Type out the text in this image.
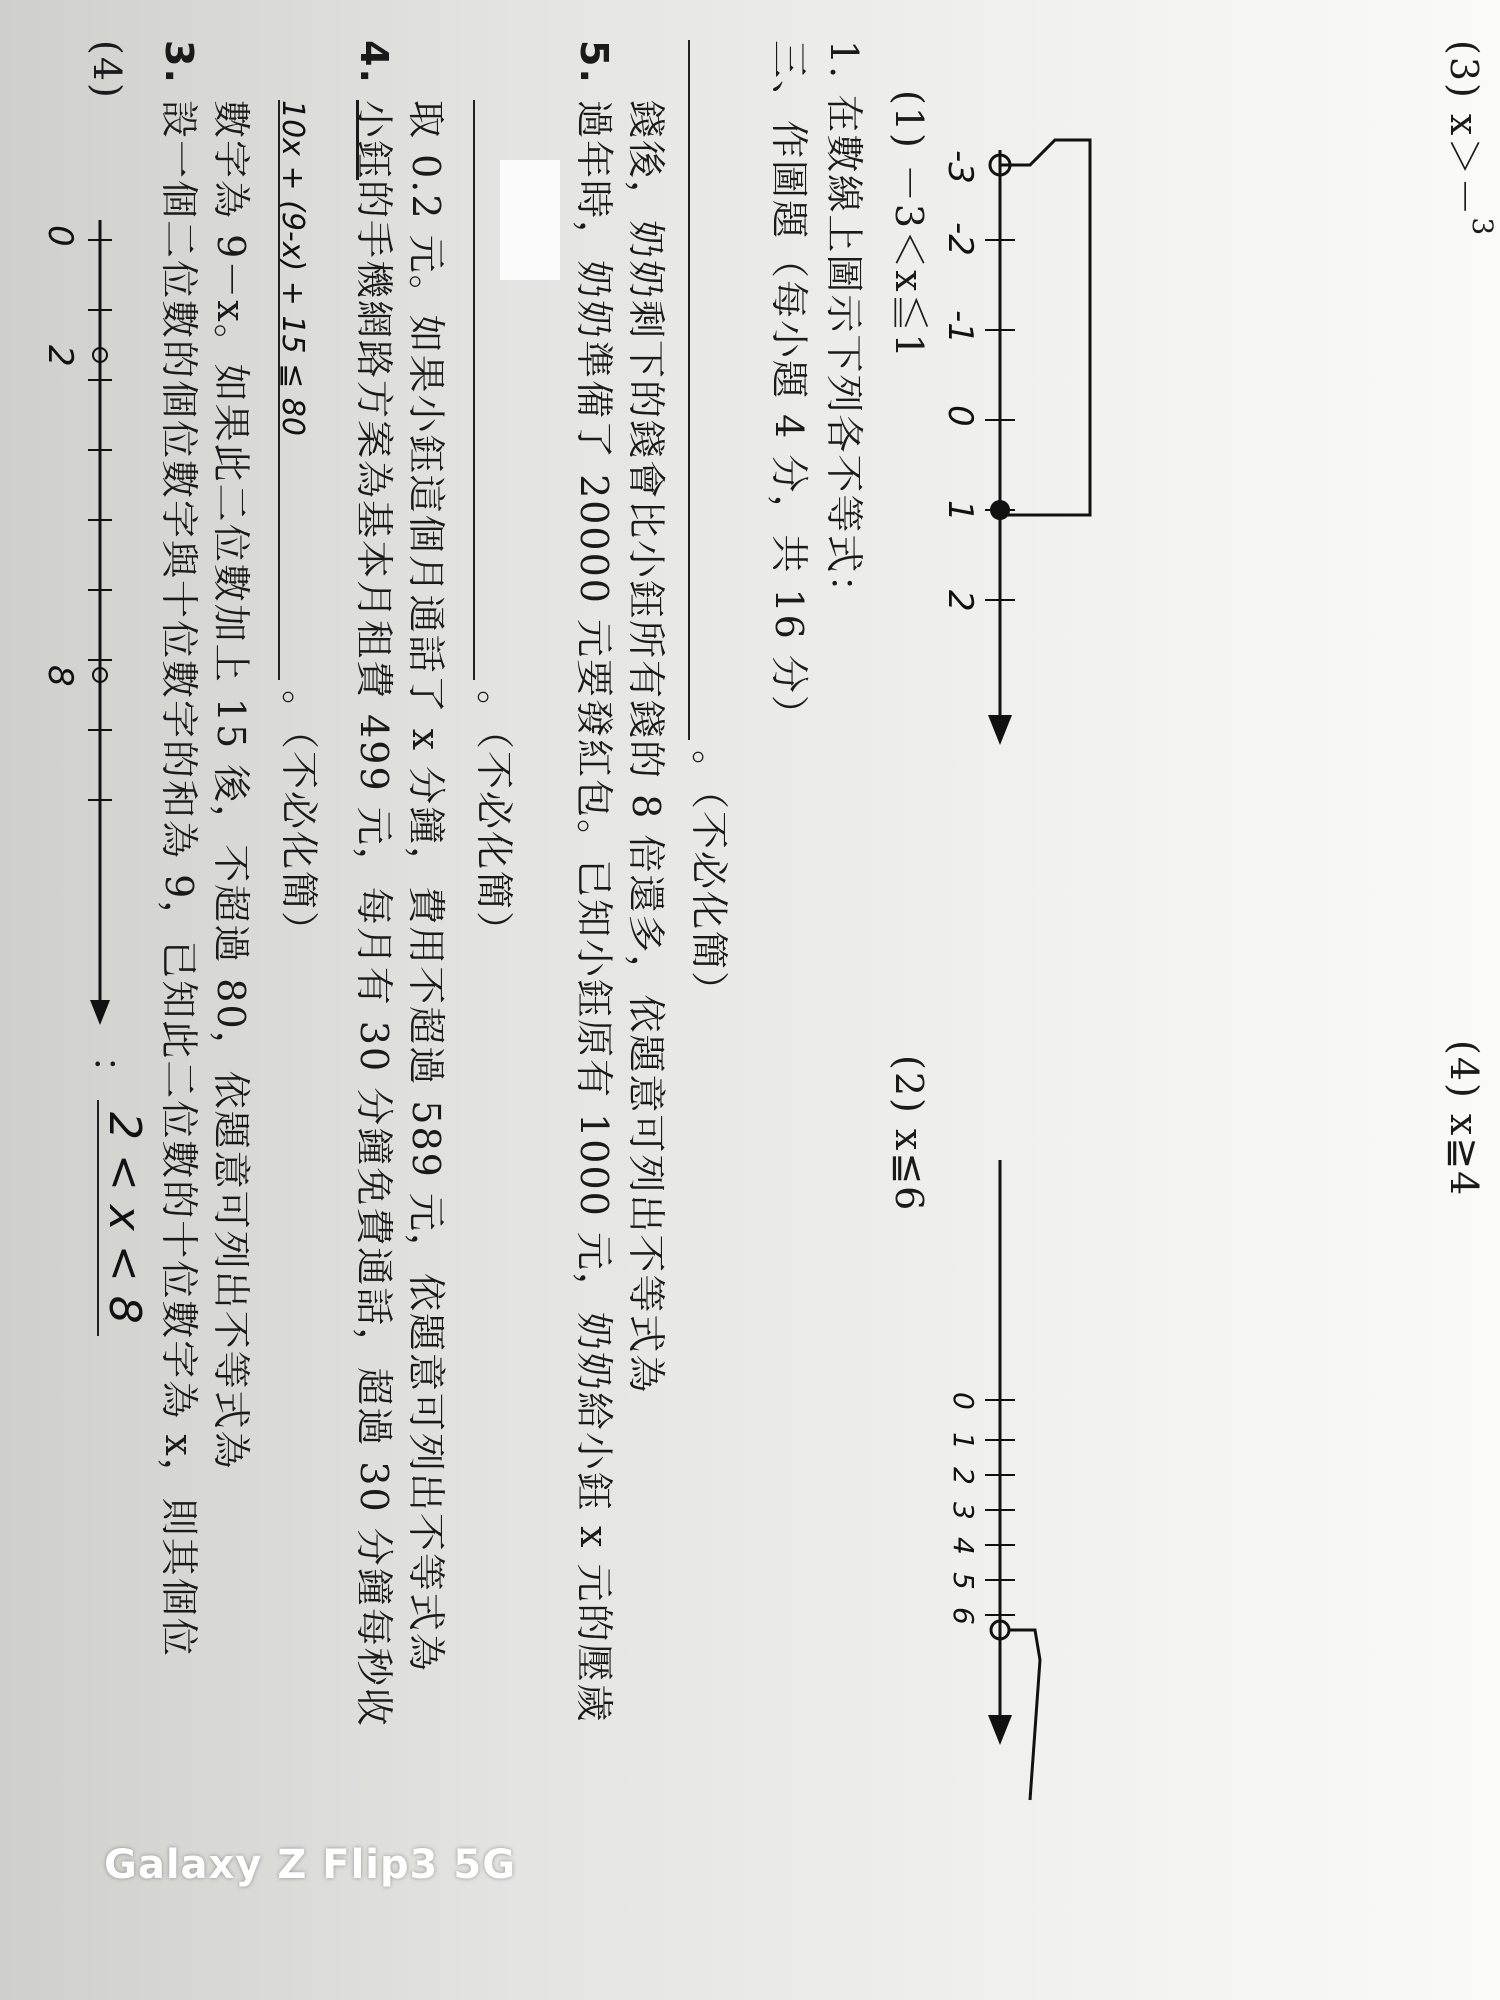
(4)
0
2
8
：
2 < x < 8
3.
設一個二位數的個位數字與十位數字的和為 9，已知此二位數的十位數字為 x，則其個位 數字為 9－x。如果此二位數加上 15 後，不超過 80，依題意可列出不等式為 10x + (9-x) + 15 ≦ 80
。（不必化簡）
4.
小鈺的手機網路方案為基本月租費 499 元，每月有 30 分鐘免費通話，超過 30 分鐘每秒收 取 0.2 元。如果小鈺這個月通話了 x 分鐘，費用不超過 589 元，依題意可列出不等式為 。（不必化簡）
5.
過年時，奶奶準備了 20000 元要發紅包。已知小鈺原有 1000 元，奶奶給小鈺 x 元的壓歲 錢後，奶奶剩下的錢會比小鈺所有錢的 8 倍還多，依題意可列出不等式為 。（不必化簡）
三、作圖題（每小題 4 分，共 16 分） 1. 在數線上圖示下列各不等式： (1) －3＜x≦1
(2) x≦6
-3
-2
-1
0
1
2
0
1
2
3
4
5
6
(3) x＞－3
(4) x≧4
Galaxy Z Flip3 5G
